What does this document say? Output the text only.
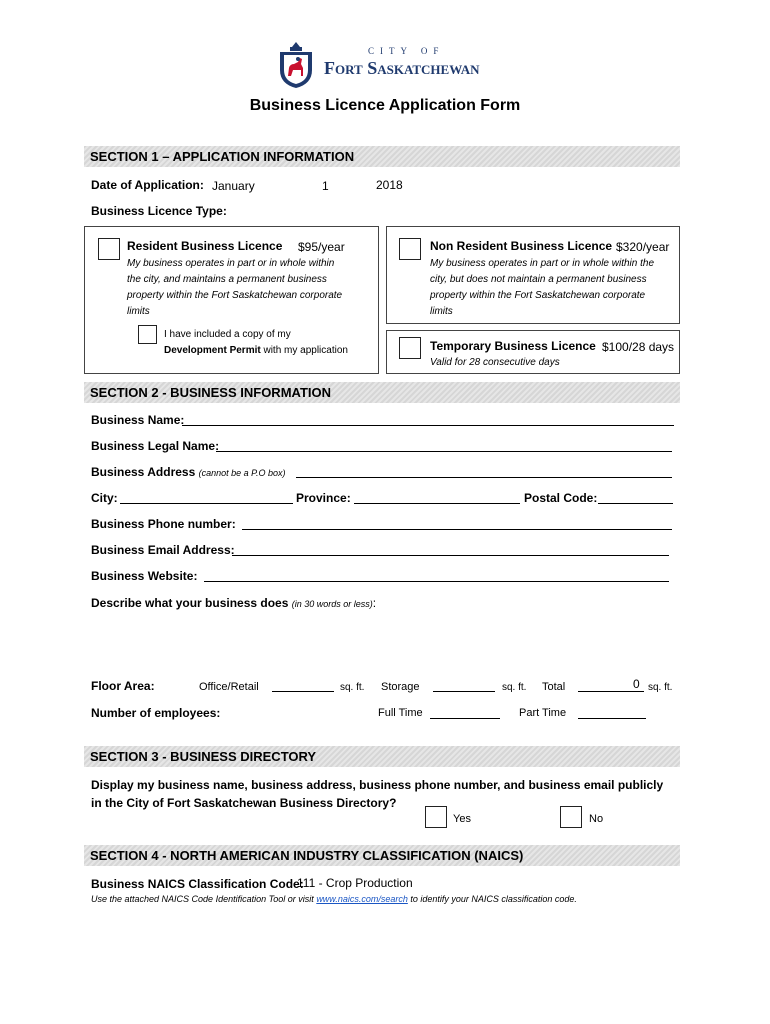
CITY OF
Fort Saskatchewan
Business Licence Application Form
SECTION 1 – APPLICATION INFORMATION
Date of Application: January	1	2018
Business Licence Type:
Resident Business Licence $95/year
My business operates in part or in whole within
the city, and maintains a permanent business
property within the Fort Saskatchewan corporate
limits
I have included a copy of my
Development Permit with my application
Non Resident Business Licence $320/year
My business operates in part or in whole within the
city, but does not maintain a permanent business
property within the Fort Saskatchewan corporate
limits
Temporary Business Licence $100/28 days
Valid for 28 consecutive days
SECTION 2 - BUSINESS INFORMATION
Business Name:
Business Legal Name:
Business Address (cannot be a P.O box)
City:	Province:	Postal Code:
Business Phone number:
Business Email Address:
Business Website:
Describe what your business does (in 30 words or less):
Floor Area:	Office/Retail	sq. ft. Storage	sq. ft. Total	0 sq. ft.
Number of employees:	Full Time	Part Time
SECTION 3 - BUSINESS DIRECTORY
Display my business name, business address, business phone number, and business email publicly
in the City of Fort Saskatchewan Business Directory?
Yes	No
SECTION 4 - NORTH AMERICAN INDUSTRY CLASSIFICATION (NAICS)
Business NAICS Classification Code:
111 - Crop Production
Use the attached NAICS Code Identification Tool or visit www.naics.com/search to identify your NAICS classification code.
